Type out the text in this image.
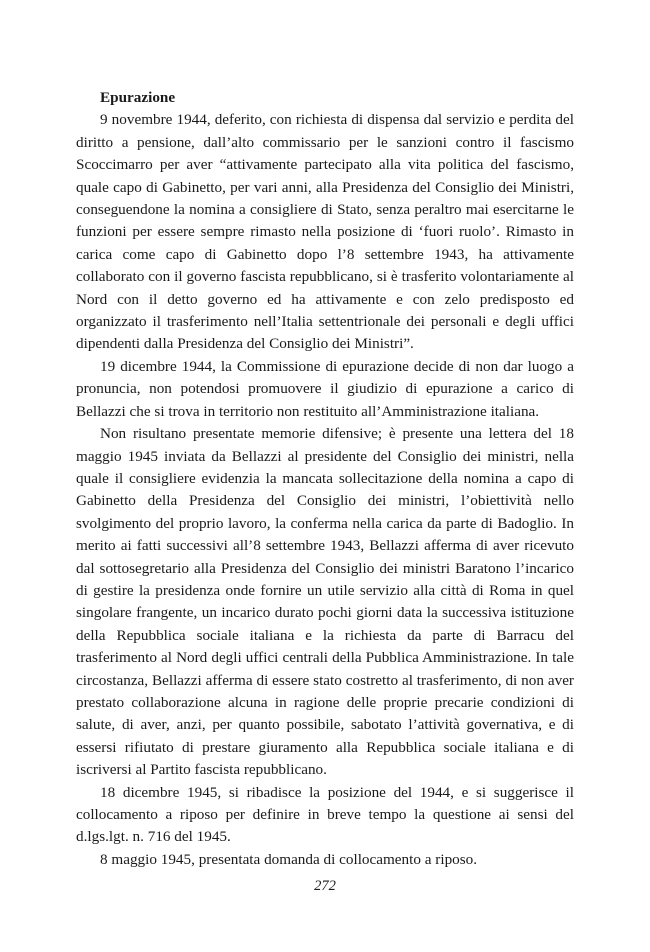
Epurazione

9 novembre 1944, deferito, con richiesta di dispensa dal servizio e perdita del diritto a pensione, dall’alto commissario per le sanzioni contro il fascismo Scoccimarro per aver “attivamente partecipato alla vita politica del fascismo, quale capo di Gabinetto, per vari anni, alla Presidenza del Consiglio dei Ministri, conseguendone la nomina a consigliere di Stato, senza peraltro mai esercitarne le funzioni per essere sempre rimasto nella posizione di ‘fuori ruolo’. Rimasto in carica come capo di Gabinetto dopo l’8 settembre 1943, ha attivamente collaborato con il governo fascista repubblicano, si è trasferito volontariamente al Nord con il detto governo ed ha attivamente e con zelo predisposto ed organizzato il trasferimento nell’Italia settentrionale dei personali e degli uffici dipendenti dalla Presidenza del Consiglio dei Ministri”.

19 dicembre 1944, la Commissione di epurazione decide di non dar luogo a pronuncia, non potendosi promuovere il giudizio di epurazione a carico di Bellazzi che si trova in territorio non restituito all’Amministrazione italiana.

Non risultano presentate memorie difensive; è presente una lettera del 18 maggio 1945 inviata da Bellazzi al presidente del Consiglio dei ministri, nella quale il consigliere evidenzia la mancata sollecitazione della nomina a capo di Gabinetto della Presidenza del Consiglio dei ministri, l’obiettività nello svolgimento del proprio lavoro, la conferma nella carica da parte di Badoglio. In merito ai fatti successivi all’8 settembre 1943, Bellazzi afferma di aver ricevuto dal sottosegretario alla Presidenza del Consiglio dei ministri Baratono l’incarico di gestire la presidenza onde fornire un utile servizio alla città di Roma in quel singolare frangente, un incarico durato pochi giorni data la successiva istituzione della Repubblica sociale italiana e la richiesta da parte di Barracu del trasferimento al Nord degli uffici centrali della Pubblica Amministrazione. In tale circostanza, Bellazzi afferma di essere stato costretto al trasferimento, di non aver prestato collaborazione alcuna in ragione delle proprie precarie condizioni di salute, di aver, anzi, per quanto possibile, sabotato l’attività governativa, e di essersi rifiutato di prestare giuramento alla Repubblica sociale italiana e di iscriversi al Partito fascista repubblicano.

18 dicembre 1945, si ribadisce la posizione del 1944, e si suggerisce il collocamento a riposo per definire in breve tempo la questione ai sensi del d.lgs.lgt. n. 716 del 1945.

8 maggio 1945, presentata domanda di collocamento a riposo.

272
